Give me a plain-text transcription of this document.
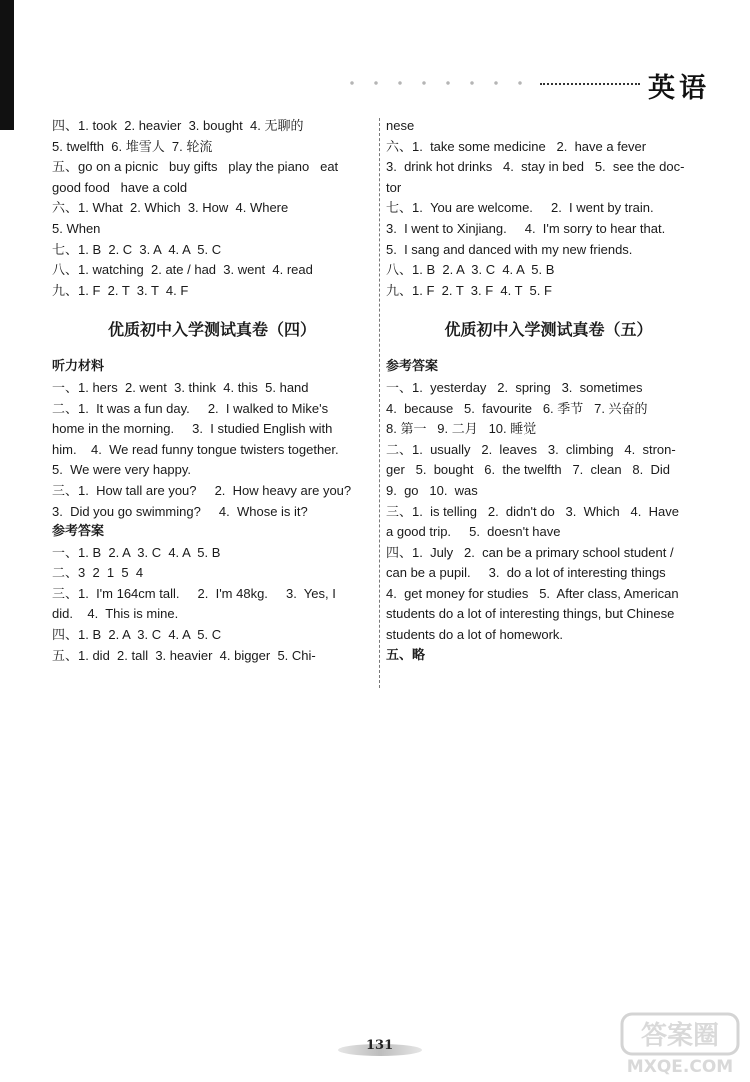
英语
四、1. took  2. heavier  3. bought  4. 无聊的
5. twelfth  6. 堆雪人  7. 轮流
五、go on a picnic   buy gifts   play the piano   eat
good food   have a cold
六、1. What  2. Which  3. How  4. Where
5. When
七、1. B  2. C  3. A  4. A  5. C
八、1. watching  2. ate / had  3. went  4. read
九、1. F  2. T  3. T  4. F
优质初中入学测试真卷（四）
听力材料
一、1. hers  2. went  3. think  4. this  5. hand
二、1.  It was a fun day.     2.  I walked to Mike's
home in the morning.     3.  I studied English with
him.    4.  We read funny tongue twisters together.
5.  We were very happy.
三、1.  How tall are you?     2.  How heavy are you?
3.  Did you go swimming?     4.  Whose is it?
参考答案
一、1. B  2. A  3. C  4. A  5. B
二、3  2  1  5  4
三、1.  I'm 164cm tall.     2.  I'm 48kg.     3.  Yes, I
did.    4.  This is mine.
四、1. B  2. A  3. C  4. A  5. C
五、1. did  2. tall  3. heavier  4. bigger  5. Chi-
nese
六、1.  take some medicine   2.  have a fever
3.  drink hot drinks   4.  stay in bed   5.  see the doc-
tor
七、1.  You are welcome.     2.  I went by train.
3.  I went to Xinjiang.     4.  I'm sorry to hear that.
5.  I sang and danced with my new friends.
八、1. B  2. A  3. C  4. A  5. B
九、1. F  2. T  3. F  4. T  5. F
优质初中入学测试真卷（五）
参考答案
一、1.  yesterday   2.  spring   3.  sometimes
4.  because   5.  favourite   6. 季节   7. 兴奋的
8. 第一   9. 二月   10. 睡觉
二、1.  usually   2.  leaves   3.  climbing   4.  stron-
ger   5.  bought   6.  the twelfth   7.  clean   8.  Did
9.  go   10.  was
三、1.  is telling   2.  didn't do   3.  Which   4.  Have
a good trip.     5.  doesn't have
四、1.  July   2.  can be a primary school student /
can be a pupil.     3.  do a lot of interesting things
4.  get money for studies   5.  After class, American
students do a lot of interesting things, but Chinese
students do a lot of homework.
五、略
131	答案圈
MXQE.COM
